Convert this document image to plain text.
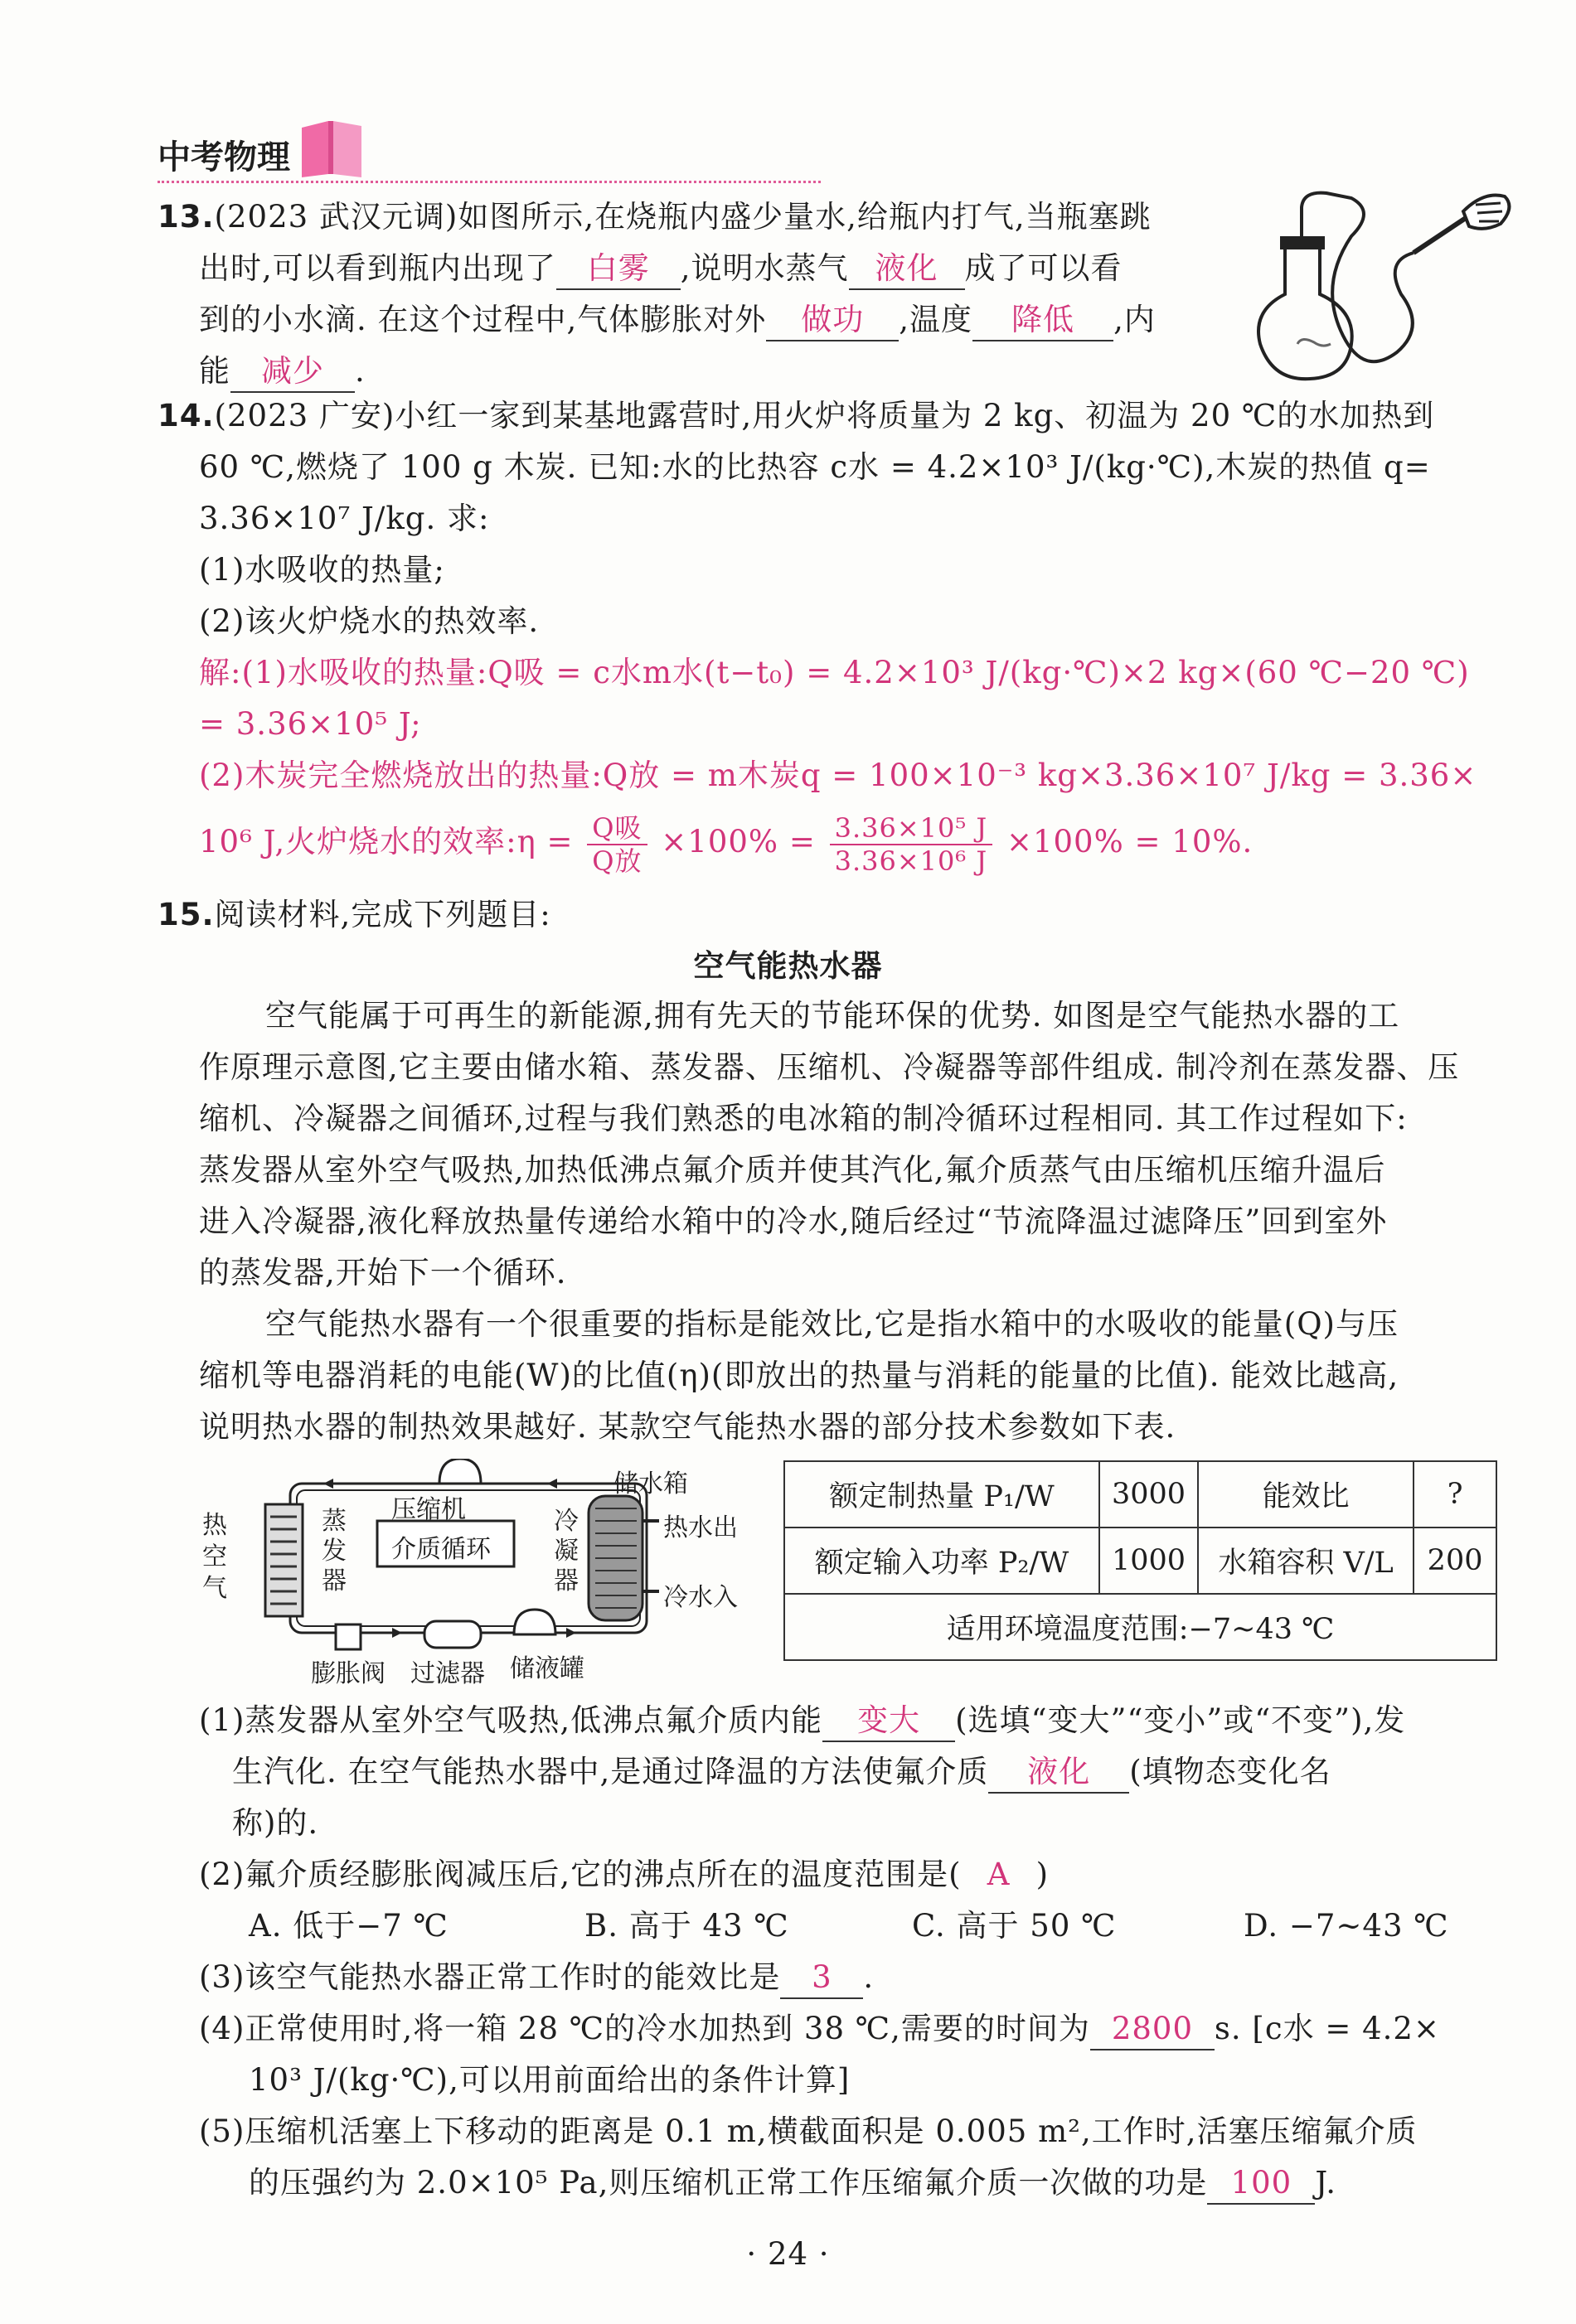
中考物理
13.(2023 武汉元调)如图所示,在烧瓶内盛少量水,给瓶内打气,当瓶塞跳
出时,可以看到瓶内出现了 白雾 ,说明水蒸气 液化 成了可以看
到的小水滴. 在这个过程中,气体膨胀对外 做功 ,温度 降低 ,内
能 减少 .
14.(2023 广安)小红一家到某基地露营时,用火炉将质量为 2 kg、初温为 20 ℃的水加热到
60 ℃,燃烧了 100 g 木炭. 已知:水的比热容 c水 = 4.2×10³ J/(kg·℃),木炭的热值 q=
3.36×10⁷ J/kg. 求:
(1)水吸收的热量;
(2)该火炉烧水的热效率.
解:(1)水吸收的热量:Q吸 = c水m水(t−t₀) = 4.2×10³ J/(kg·℃)×2 kg×(60 ℃−20 ℃)
= 3.36×10⁵ J;
(2)木炭完全燃烧放出的热量:Q放 = m木炭q = 100×10⁻³ kg×3.36×10⁷ J/kg = 3.36×
10⁶ J,火炉烧水的效率:η = $\frac{\text{Q吸}}{\text{Q放}} \times 100\% = \frac{\text{3.36×10⁵ J}}{\text{3.36×10⁶ J}} \times 100\% = 10\%$.
15.阅读材料,完成下列题目:
空气能热水器
空气能属于可再生的新能源,拥有先天的节能环保的优势. 如图是空气能热水器的工
作原理示意图,它主要由储水箱、蒸发器、压缩机、冷凝器等部件组成. 制冷剂在蒸发器、压
缩机、冷凝器之间循环,过程与我们熟悉的电冰箱的制冷循环过程相同. 其工作过程如下:
蒸发器从室外空气吸热,加热低沸点氟介质并使其汽化,氟介质蒸气由压缩机压缩升温后
进入冷凝器,液化释放热量传递给水箱中的冷水,随后经过“节流降温过滤降压”回到室外
的蒸发器,开始下一个循环.
空气能热水器有一个很重要的指标是能效比,它是指水箱中的水吸收的能量(Q)与压
缩机等电器消耗的电能(W)的比值(η)(即放出的热量与消耗的能量的比值). 能效比越高,
说明热水器的制热效果越好. 某款空气能热水器的部分技术参数如下表.
热空气
蒸发器
压缩机
介质循环
冷凝器
储水箱
热水出
冷水入
膨胀阀 过滤器 储液罐
额定制热量 P₁/W	3000	能效比	?
额定输入功率 P₂/W	1000	水箱容积 V/L	200
适用环境温度范围:−7~43 ℃			
(1)蒸发器从室外空气吸热,低沸点氟介质内能 变大 (选填“变大”“变小”或“不变”),发
生汽化. 在空气能热水器中,是通过降温的方法使氟介质 液化 (填物态变化名
称)的.
(2)氟介质经膨胀阀减压后,它的沸点所在的温度范围是( A )
A. 低于−7 ℃	B. 高于 43 ℃	C. 高于 50 ℃	D. −7~43 ℃
(3)该空气能热水器正常工作时的能效比是 3 .
(4)正常使用时,将一箱 28 ℃的冷水加热到 38 ℃,需要的时间为 2800 s. [c水 = 4.2×
10³ J/(kg·℃),可以用前面给出的条件计算]
(5)压缩机活塞上下移动的距离是 0.1 m,横截面积是 0.005 m²,工作时,活塞压缩氟介质
的压强约为 2.0×10⁵ Pa,则压缩机正常工作压缩氟介质一次做的功是 100 J.
· 24 ·
